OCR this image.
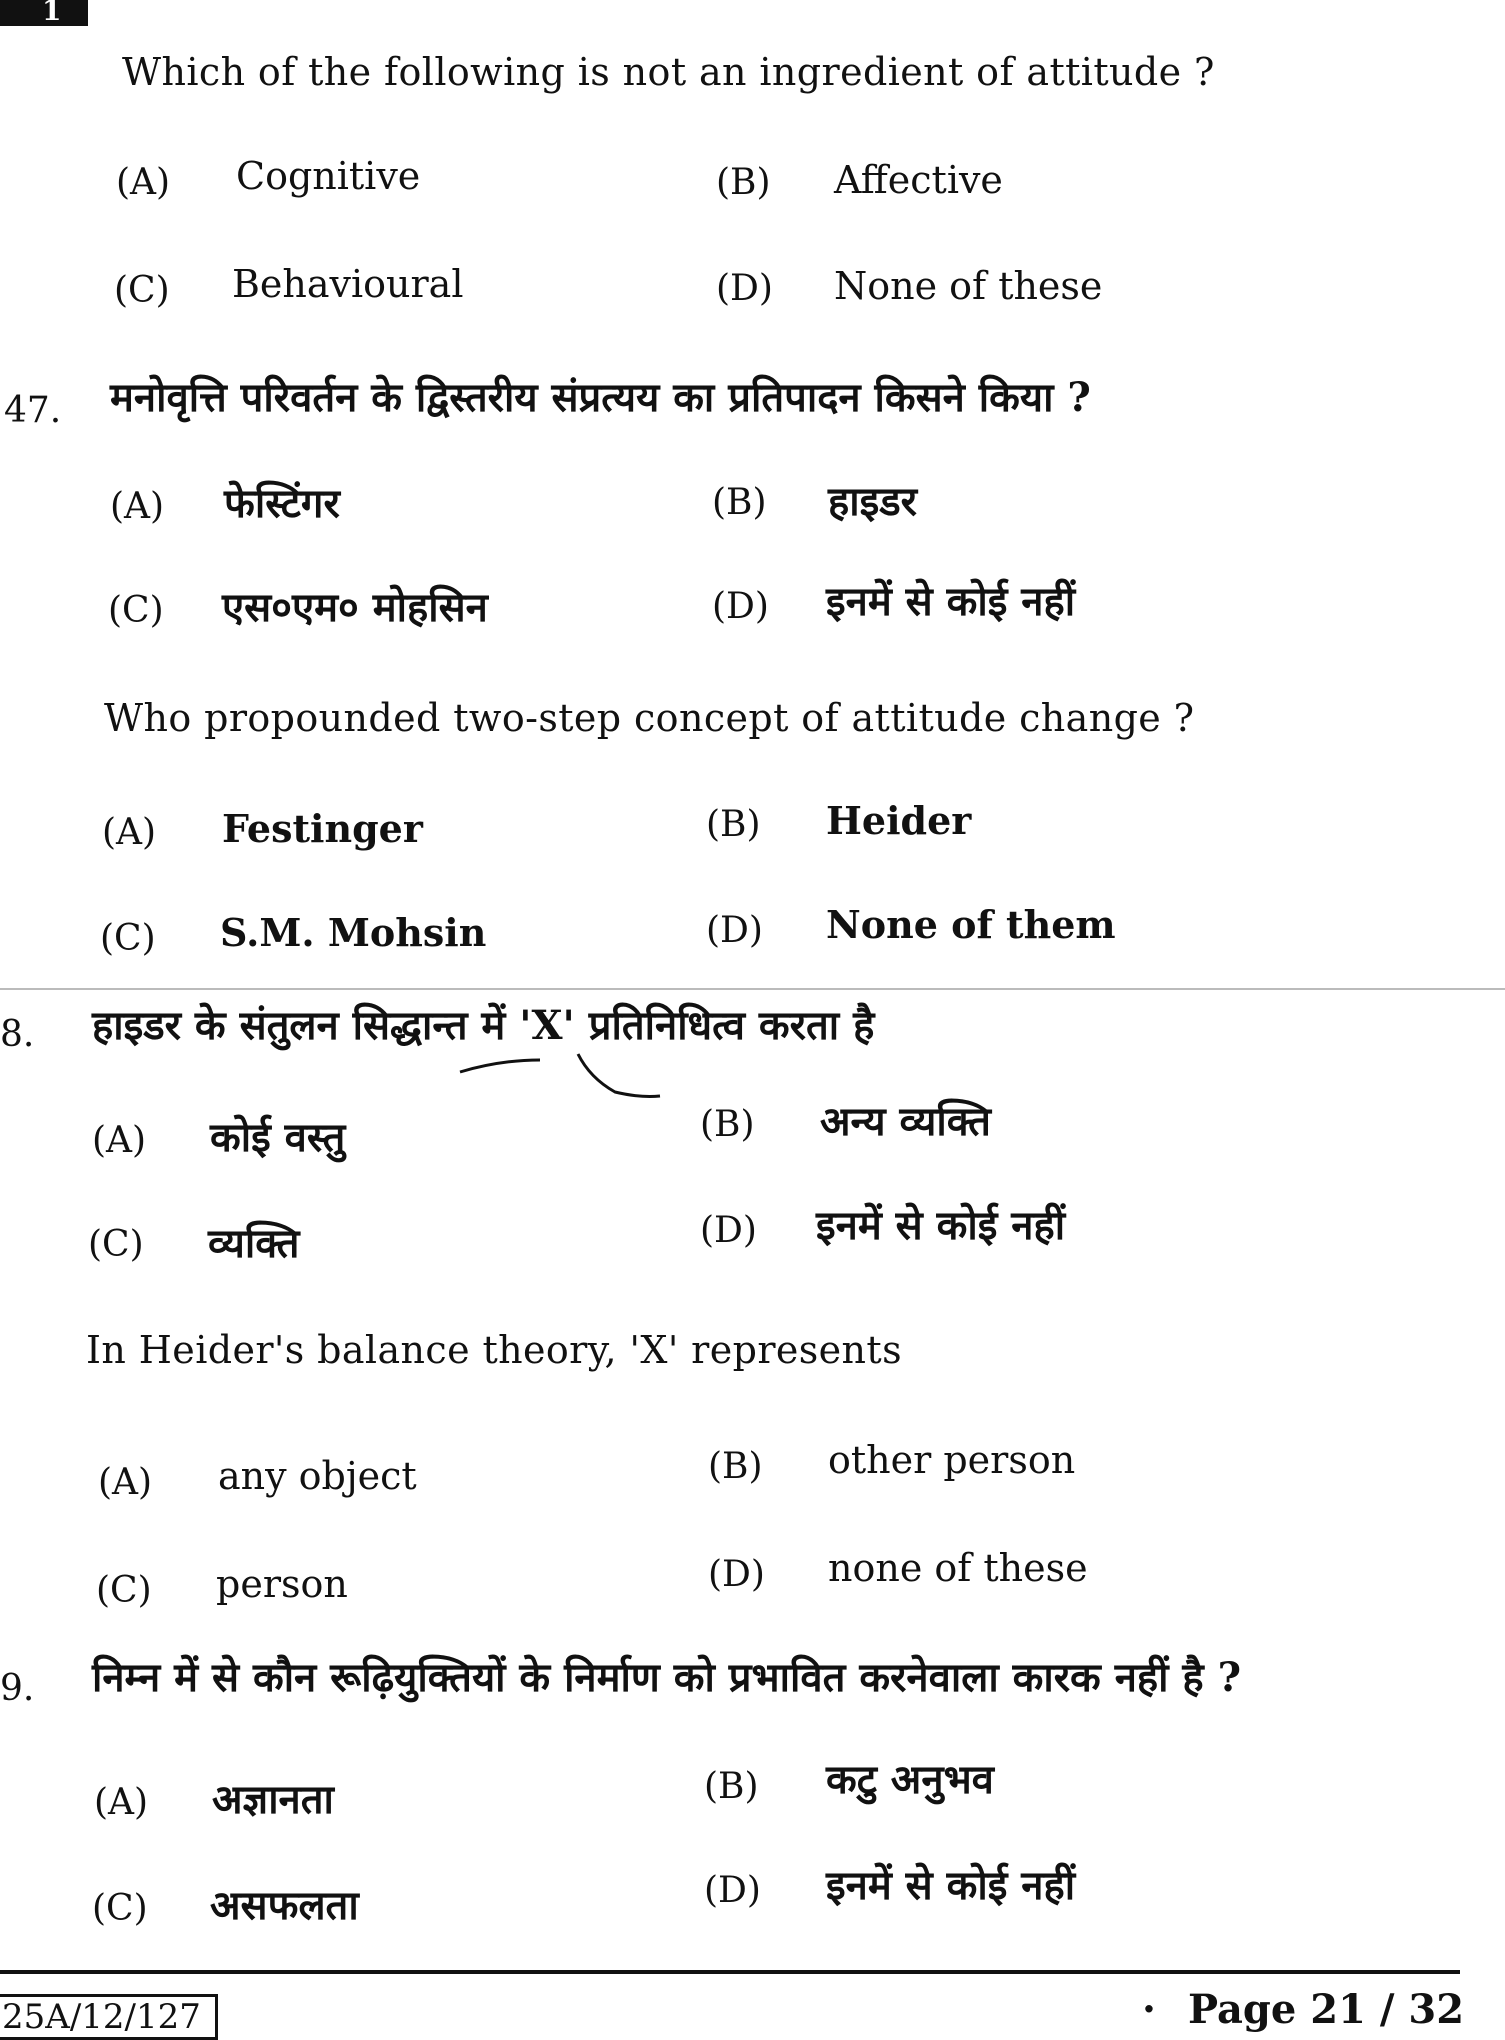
1
Which of the following is not an ingredient of attitude ?
(A) Cognitive	(B) Affective
(C) Behavioural	(D) None of these
47. मनोवृत्ति परिवर्तन के द्विस्तरीय संप्रत्यय का प्रतिपादन किसने किया ?
(A) फेस्टिंगर	(B) हाइडर
(C) एस०एम० मोहसिन	(D) इनमें से कोई नहीं
Who propounded two-step concept of attitude change ?
(A) Festinger	(B) Heider
(C) S.M. Mohsin	(D) None of them
8. हाइडर के संतुलन सिद्धान्त में 'X' प्रतिनिधित्व करता है
(A) कोई वस्तु	(B) अन्य व्यक्ति
(C) व्यक्ति	(D) इनमें से कोई नहीं
In Heider's balance theory, 'X' represents
(A) any object	(B) other person
(C) person	(D) none of these
9. निम्न में से कौन रूढ़ियुक्तियों के निर्माण को प्रभावित करनेवाला कारक नहीं है ?
(A) अज्ञानता	(B) कटु अनुभव
(C) असफलता	(D) इनमें से कोई नहीं
25A/12/127	· Page 21 / 32
